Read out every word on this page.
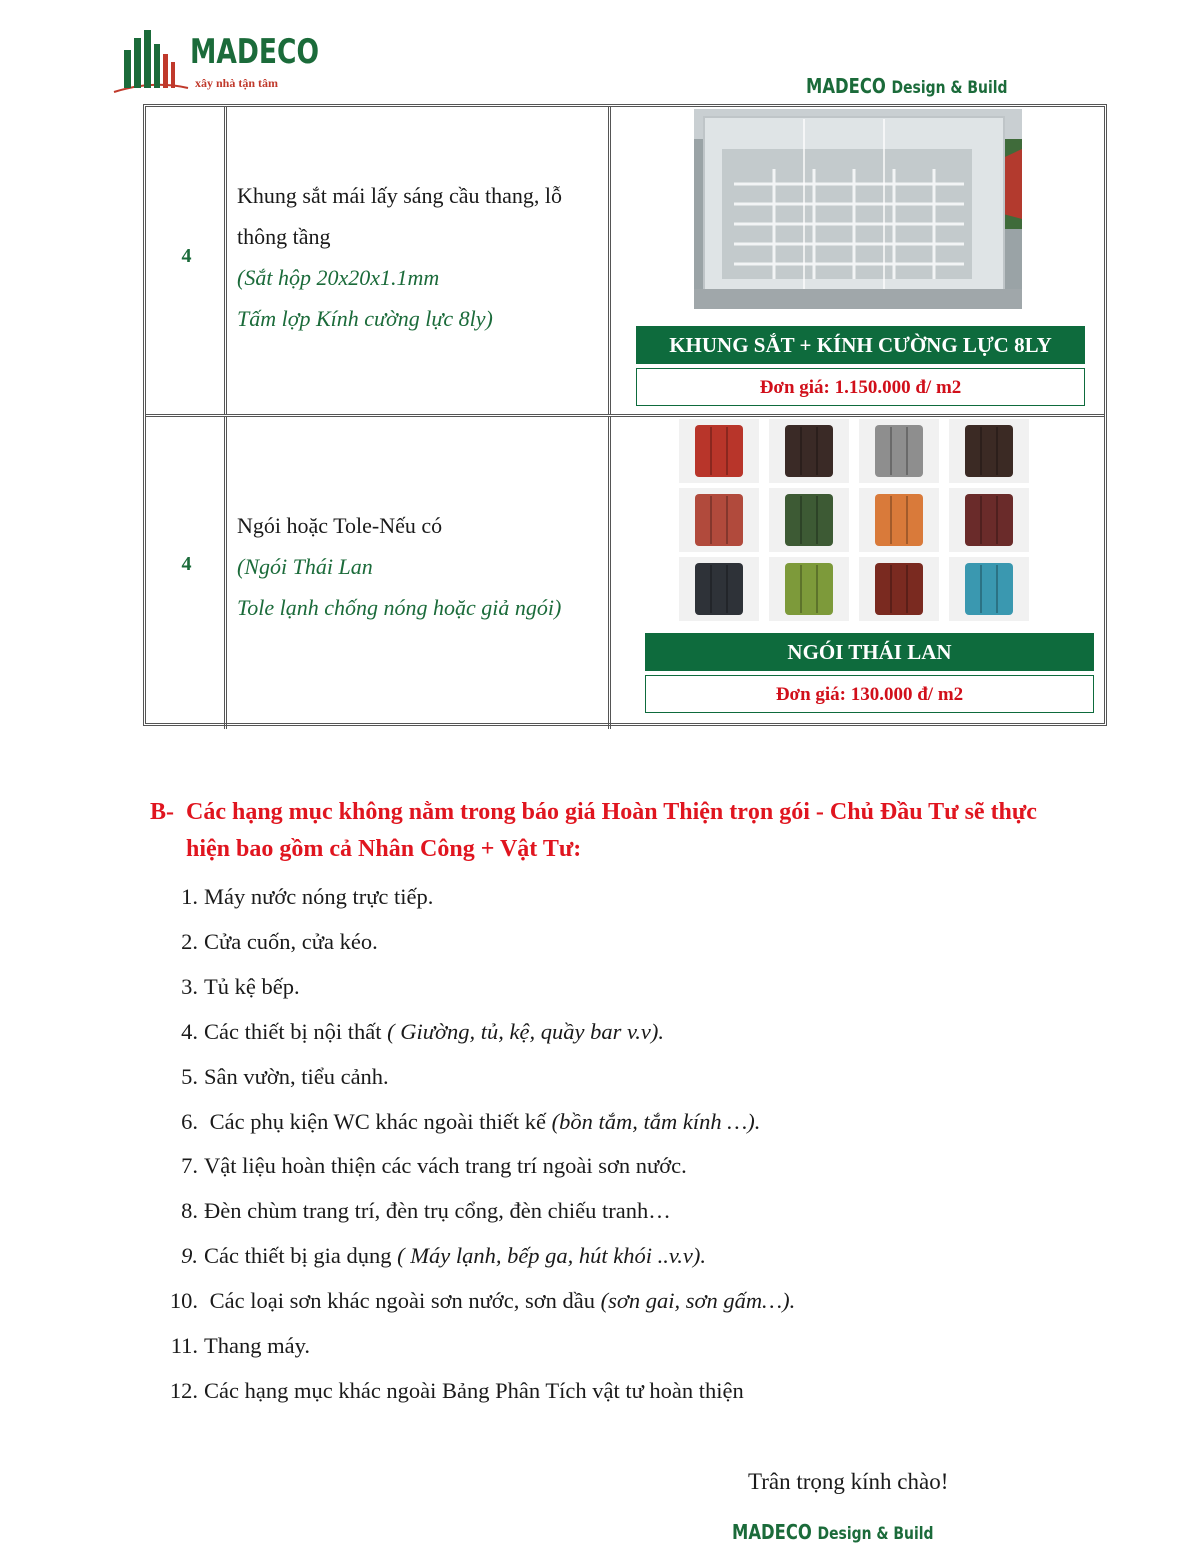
MADECO
xây nhà tận tâm	MADECO Design & Build
4
Khung sắt mái lấy sáng cầu thang, lỗ thông tầng
(Sắt hộp 20x20x1.1mm
Tấm lợp Kính cường lực 8ly)
KHUNG SẮT + KÍNH CƯỜNG LỰC 8LY
Đơn giá: 1.150.000 đ/ m2
4
Ngói hoặc Tole-Nếu có
(Ngói Thái Lan
Tole lạnh chống nóng hoặc giả ngói)
NGÓI THÁI LAN
Đơn giá: 130.000 đ/ m2
B- Các hạng mục không nằm trong báo giá Hoàn Thiện trọn gói - Chủ Đầu Tư sẽ thực
hiện bao gồm cả Nhân Công + Vật Tư:
1. Máy nước nóng trực tiếp.
2. Cửa cuốn, cửa kéo.
3. Tủ kệ bếp.
4. Các thiết bị nội thất ( Giường, tủ, kệ, quầy bar v.v).
5. Sân vườn, tiểu cảnh.
6. Các phụ kiện WC khác ngoài thiết kế (bồn tắm, tắm kính …).
7. Vật liệu hoàn thiện các vách trang trí ngoài sơn nước.
8. Đèn chùm trang trí, đèn trụ cổng, đèn chiếu tranh…
9. Các thiết bị gia dụng ( Máy lạnh, bếp ga, hút khói ..v.v).
10. Các loại sơn khác ngoài sơn nước, sơn dầu (sơn gai, sơn gấm…).
11. Thang máy.
12. Các hạng mục khác ngoài Bảng Phân Tích vật tư hoàn thiện
Trân trọng kính chào!
MADECO Design & Build
